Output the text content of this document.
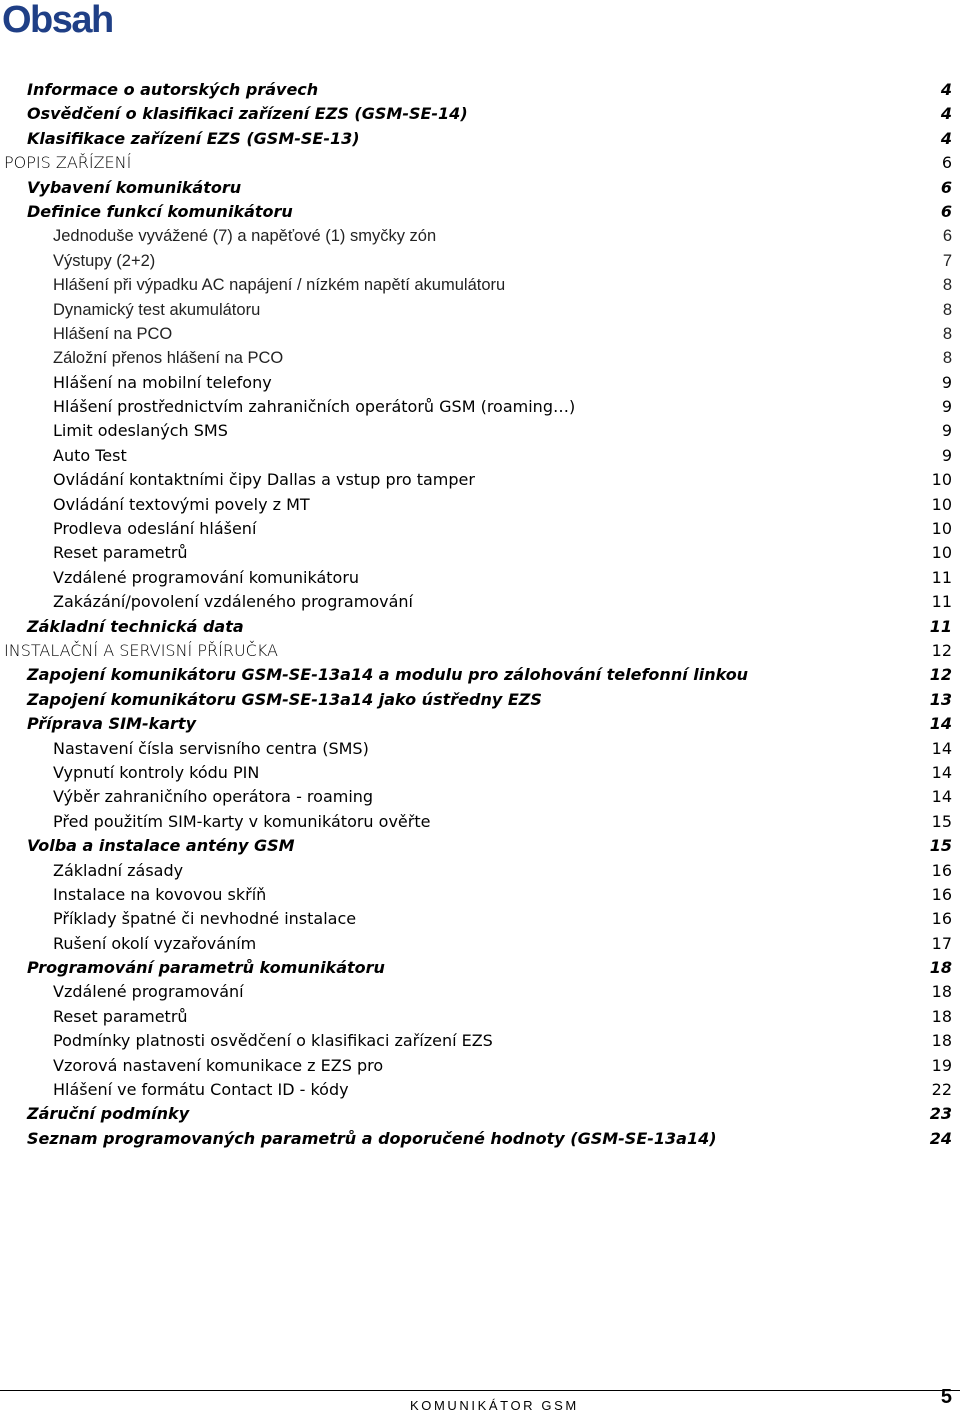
Obsah
Informace o autorských právech	4
Osvědčení o klasifikaci zařízení EZS (GSM-SE-14)	4
Klasifikace zařízení EZS (GSM-SE-13)	4
POPIS ZAŘÍZENÍ	6
Vybavení komunikátoru	6
Definice funkcí komunikátoru	6
Jednoduše vyvážené (7) a napěťové (1) smyčky zón	6
Výstupy (2+2)	7
Hlášení při výpadku AC napájení / nízkém napětí akumulátoru	8
Dynamický test akumulátoru	8
Hlášení na PCO	8
Záložní přenos hlášení na PCO	8
Hlášení na mobilní telefony	9
Hlášení prostřednictvím zahraničních operátorů GSM (roaming…)	9
Limit odeslaných SMS	9
Auto Test	9
Ovládání kontaktními čipy Dallas a vstup pro tamper	10
Ovládání textovými povely z MT	10
Prodleva odeslání hlášení	10
Reset parametrů	10
Vzdálené programování komunikátoru	11
Zakázání/povolení vzdáleného programování	11
Základní technická data	11
INSTALAČNÍ A SERVISNÍ PŘÍRUČKA	12
Zapojení komunikátoru GSM-SE-13a14 a modulu pro zálohování telefonní linkou	12
Zapojení komunikátoru GSM-SE-13a14 jako ústředny EZS	13
Příprava SIM-karty	14
Nastavení čísla servisního centra (SMS)	14
Vypnutí kontroly kódu PIN	14
Výběr zahraničního operátora - roaming	14
Před použitím SIM-karty v komunikátoru ověřte	15
Volba a instalace antény GSM	15
Základní zásady	16
Instalace na kovovou skříň	16
Příklady špatné či nevhodné instalace	16
Rušení okolí vyzařováním	17
Programování parametrů komunikátoru	18
Vzdálené programování	18
Reset parametrů	18
Podmínky platnosti osvědčení o klasifikaci zařízení EZS	18
Vzorová nastavení komunikace z EZS pro	19
Hlášení ve formátu Contact ID - kódy	22
Záruční podmínky	23
Seznam programovaných parametrů a doporučené hodnoty (GSM-SE-13a14)	24
KOMUNIKÁTOR GSM	5
